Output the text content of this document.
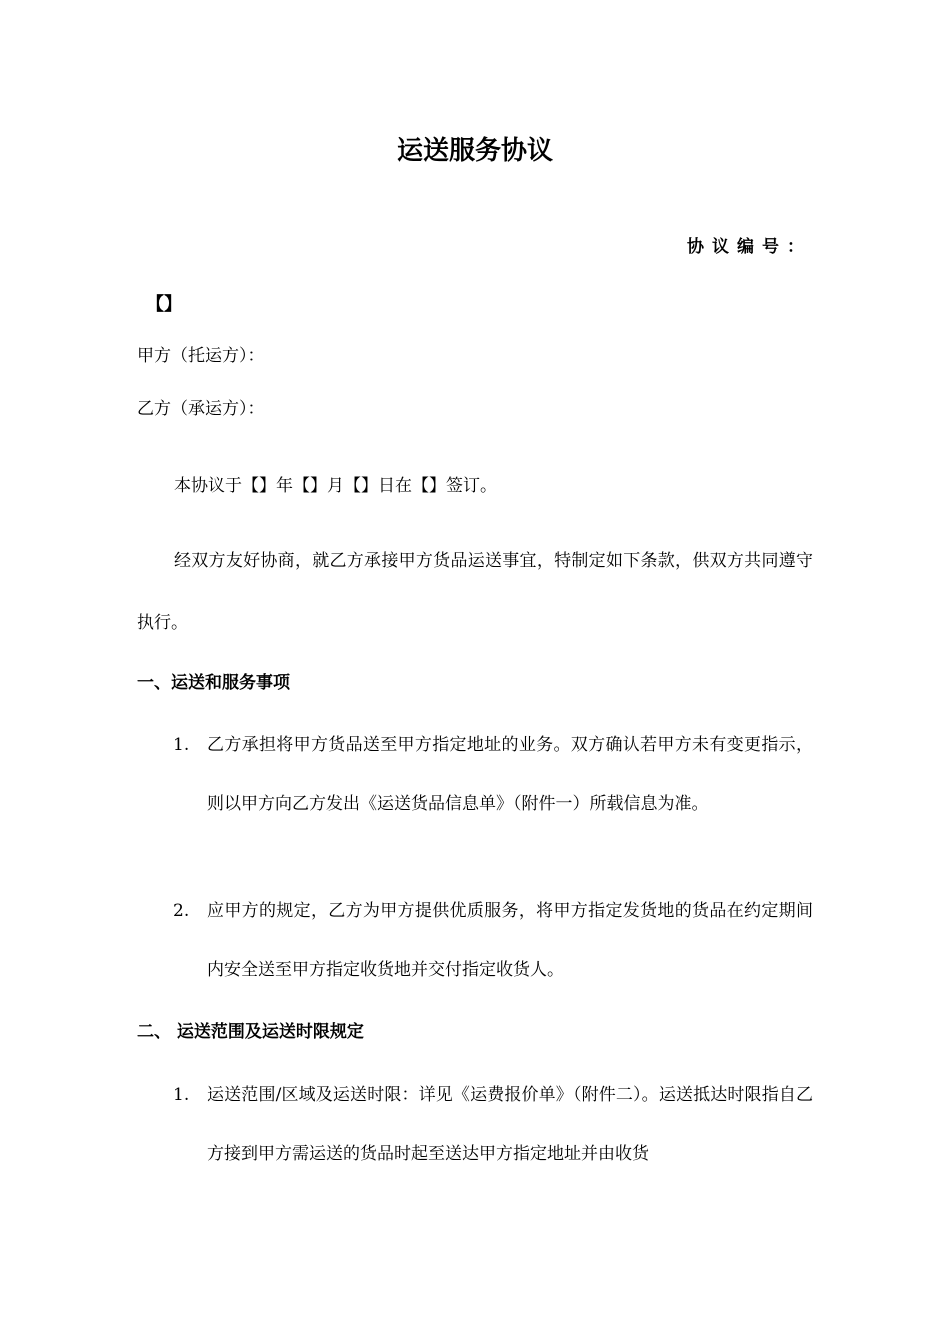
运送服务协议
协议编号：
【】
甲方（托运方）：
乙方（承运方）：
本协议于【】年【】月【】日在【】签订。
经双方友好协商，就乙方承接甲方货品运送事宜，特制定如下条款，供双方共同遵守执行。
一、运送和服务事项
1.	乙方承担将甲方货品送至甲方指定地址的业务。双方确认若甲方未有变更指示，则以甲方向乙方发出《运送货品信息单》（附件一）所载信息为准。
2.	应甲方的规定，乙方为甲方提供优质服务，将甲方指定发货地的货品在约定期间内安全送至甲方指定收货地并交付指定收货人。
二、 运送范围及运送时限规定
1.	运送范围/区域及运送时限：详见《运费报价单》（附件二）。运送抵达时限指自乙方接到甲方需运送的货品时起至送达甲方指定地址并由收货
